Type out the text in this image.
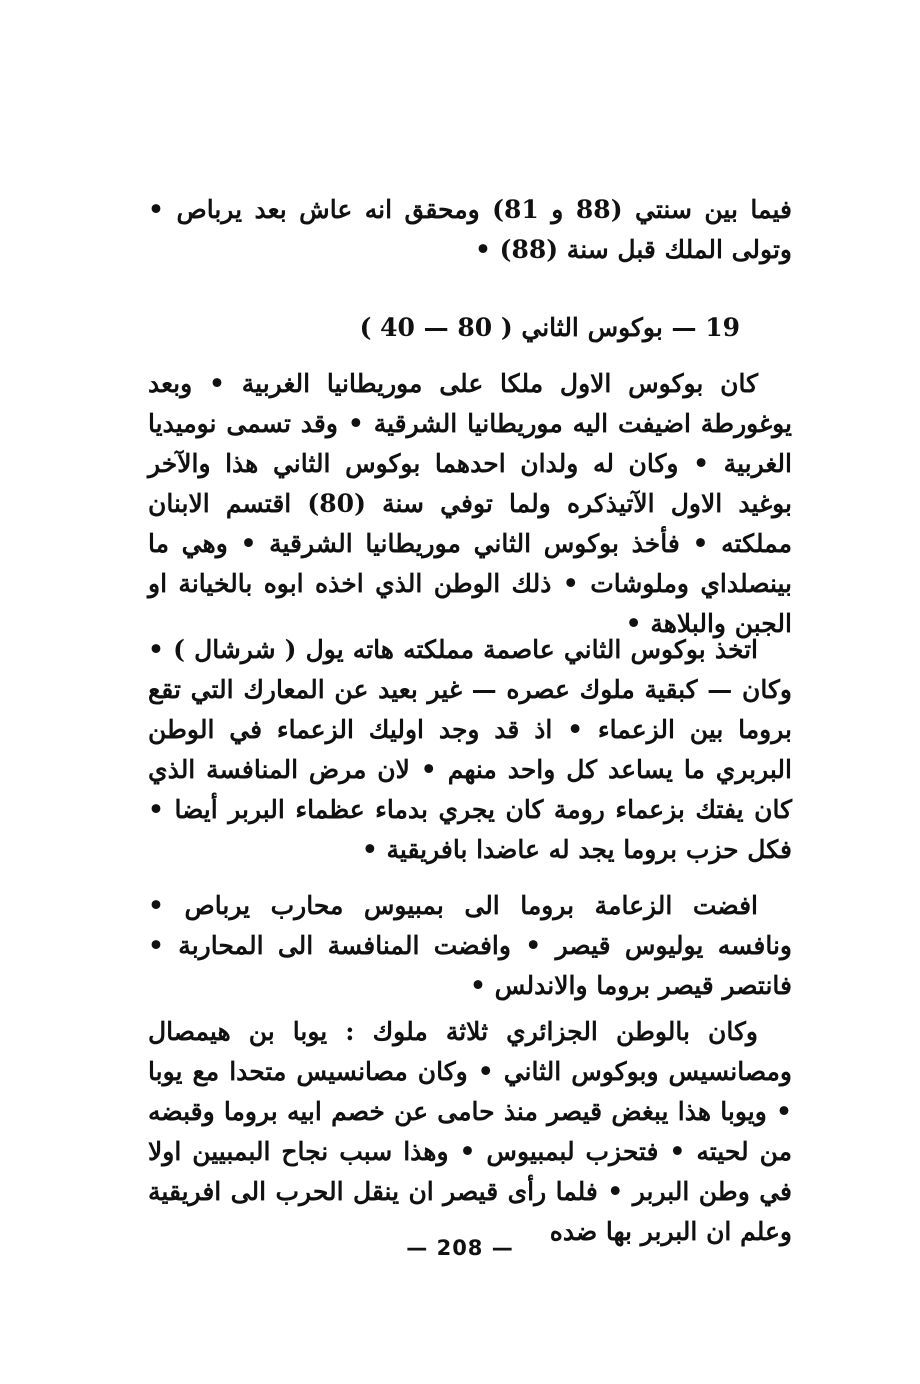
فيما بين سنتي (88 و 81) ومحقق انه عاش بعد يرباص • وتولى الملك قبل سنة (88) •

19 — بوكوس الثاني ( 80 — 40 )

كان بوكوس الاول ملكا على موريطانيا الغربية • وبعد يوغورطة اضيفت اليه موريطانيا الشرقية • وقد تسمى نوميديا الغربية • وكان له ولدان احدهما بوكوس الثاني هذا والآخر بوغيد الاول الآتيذكره ولما توفي سنة (80) اقتسم الابنان مملكته • فأخذ بوكوس الثاني موريطانيا الشرقية • وهي ما بينصلداي وملوشات • ذلك الوطن الذي اخذه ابوه بالخيانة او الجبن والبلاهة •

اتخذ بوكوس الثاني عاصمة مملكته هاته يول ( شرشال ) • وكان — كبقية ملوك عصره — غير بعيد عن المعارك التي تقع بروما بين الزعماء • اذ قد وجد اوليك الزعماء في الوطن البربري ما يساعد كل واحد منهم • لان مرض المنافسة الذي كان يفتك بزعماء رومة كان يجري بدماء عظماء البربر أيضا • فكل حزب بروما يجد له عاضدا بافريقية •

افضت الزعامة بروما الى بمبيوس محارب يرباص • ونافسه يوليوس قيصر • وافضت المنافسة الى المحاربة • فانتصر قيصر بروما والاندلس •

وكان بالوطن الجزائري ثلاثة ملوك : يوبا بن هيمصال ومصانسيس وبوكوس الثاني • وكان مصانسيس متحدا مع يوبا • ويوبا هذا يبغض قيصر منذ حامى عن خصم ابيه بروما وقبضه من لحيته • فتحزب لبمبيوس • وهذا سبب نجاح البمبيين اولا في وطن البربر • فلما رأى قيصر ان ينقل الحرب الى افريقية وعلم ان البربر بها ضده

— 208 —
